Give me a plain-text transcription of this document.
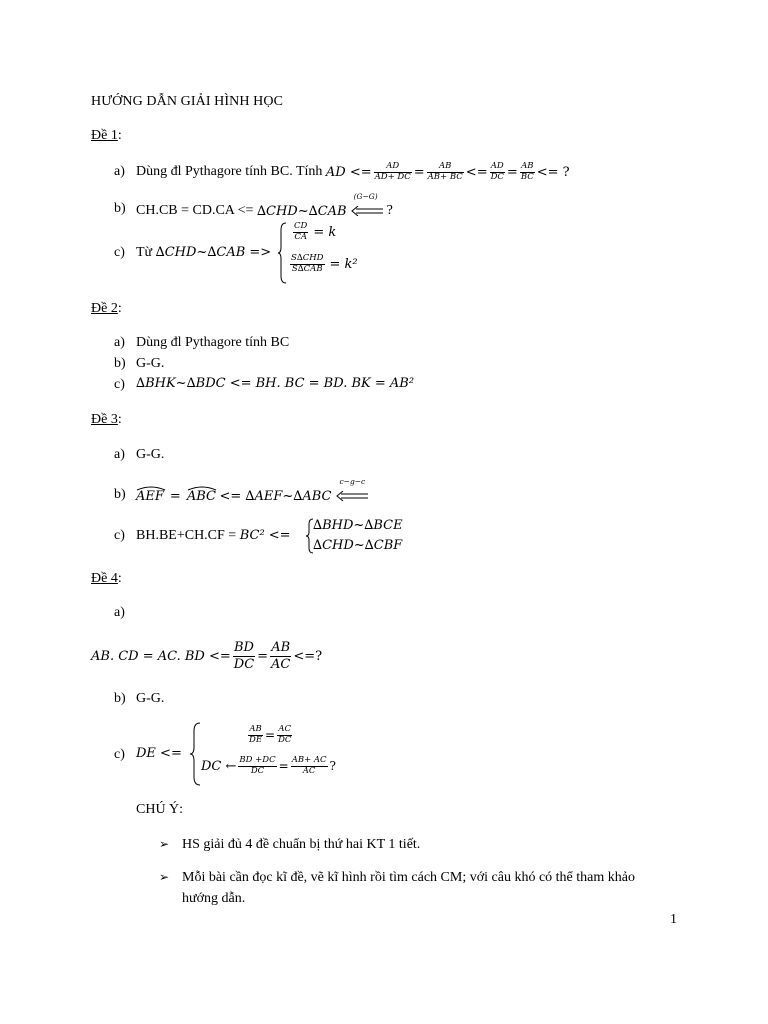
HƯỚNG DẪN GIẢI HÌNH HỌC
Đề 1:
a) Dùng đl Pythagore tính BC. Tính
AD <= $\frac{AD}{AD+ DC} = \frac{AB}{AB+ BC} <= \frac{AD}{DC} = \frac{AB}{BC}$ <= ?
b) CH.CB = CD.CA <=
∆CHD~∆CAB
(G−G)
?
c) Từ ∆CHD~∆CAB =>
$\frac{CD}{CA} = k$
$\frac{\text{S∆CHD}}{\text{S∆CAB}} = k^2$
Đề 2:
a) Dùng đl Pythagore tính BC
b) G-G.
c) ∆BHK~∆BDC <= BH. BC = BD. BK = AB²
Đề 3:
a) G-G.
b) AEF = ABC
<= ∆AEF~∆ABC
c−g−c
c) BH.BE+CH.CF = BC² <=
∆BHD~∆BCE
∆CHD~∆CBF
Đề 4:
a)
AB. CD = AC. BD <= $\frac{BD}{DC} = \frac{AB}{AC}$ <=?
b) G-G.
c) DE <=
$\frac{AB}{DE} = \frac{AC}{DC}$
DC ← $\frac{BD +DC}{DC} = \frac{AB+ AC}{AC}$ ?
CHÚ Ý:
➢ HS giải đủ 4 đề chuẩn bị thứ hai KT 1 tiết.
➢ Mỗi bài cần đọc kĩ đề, vẽ kĩ hình rồi tìm cách CM; với câu khó có thể tham khảo
hướng dẫn.
1
